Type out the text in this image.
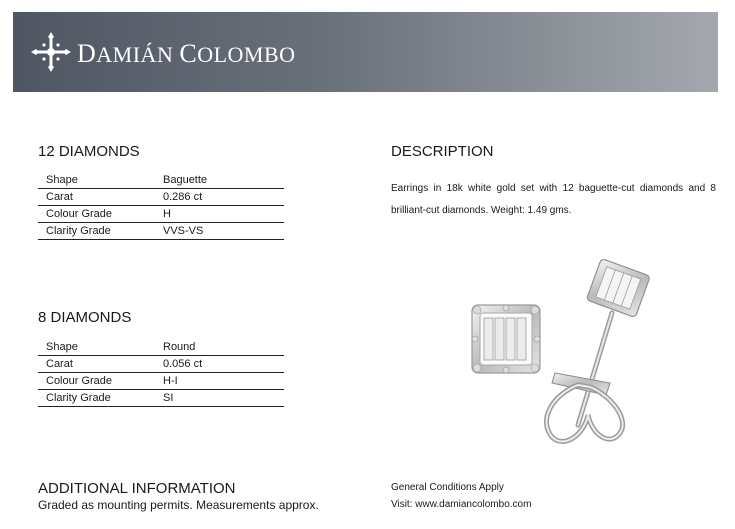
DAMIÁN COLOMBO
12 DIAMONDS
Shape	Baguette
Carat	0.286 ct
Colour Grade	H
Clarity Grade	VVS-VS
8 DIAMONDS
Shape	Round
Carat	0.056 ct
Colour Grade	H-I
Clarity Grade	SI
DESCRIPTION
Earrings in 18k white gold set with 12 baguette-cut diamonds and 8 brilliant-cut diamonds. Weight: 1.49 gms.
ADDITIONAL INFORMATION
Graded as mounting permits. Measurements approx.
General Conditions Apply
Visit: www.damiancolombo.com
